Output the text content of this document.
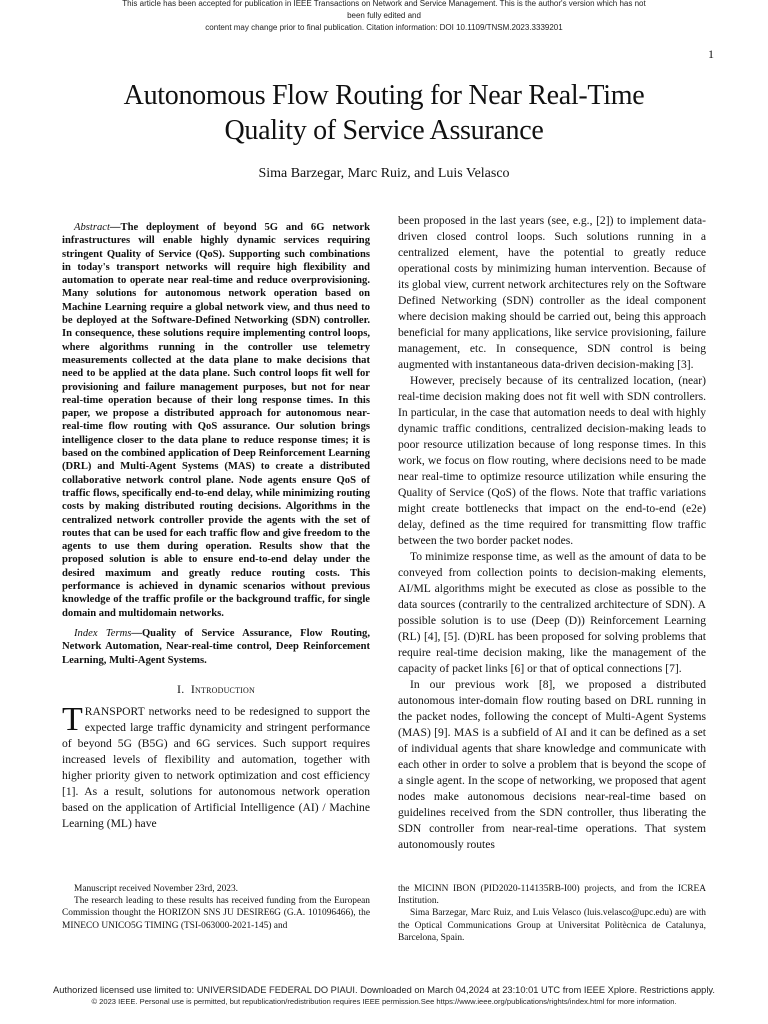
This article has been accepted for publication in IEEE Transactions on Network and Service Management. This is the author's version which has not been fully edited and
content may change prior to final publication. Citation information: DOI 10.1109/TNSM.2023.3339201
1
Autonomous Flow Routing for Near Real-Time
Quality of Service Assurance
Sima Barzegar, Marc Ruiz, and Luis Velasco

Abstract—The deployment of beyond 5G and 6G network infrastructures will enable highly dynamic services requiring stringent Quality of Service (QoS). Supporting such combinations in today's transport networks will require high flexibility and automation to operate near real-time and reduce overprovisioning. Many solutions for autonomous network operation based on Machine Learning require a global network view, and thus need to be deployed at the Software-Defined Networking (SDN) controller. In consequence, these solutions require implementing control loops, where algorithms running in the controller use telemetry measurements collected at the data plane to make decisions that need to be applied at the data plane. Such control loops fit well for provisioning and failure management purposes, but not for near real-time operation because of their long response times. In this paper, we propose a distributed approach for autonomous near-real-time flow routing with QoS assurance. Our solution brings intelligence closer to the data plane to reduce response times; it is based on the combined application of Deep Reinforcement Learning (DRL) and Multi-Agent Systems (MAS) to create a distributed collaborative network control plane. Node agents ensure QoS of traffic flows, specifically end-to-end delay, while minimizing routing costs by making distributed routing decisions. Algorithms in the centralized network controller provide the agents with the set of routes that can be used for each traffic flow and give freedom to the agents to use them during operation. Results show that the proposed solution is able to ensure end-to-end delay under the desired maximum and greatly reduce routing costs. This performance is achieved in dynamic scenarios without previous knowledge of the traffic profile or the background traffic, for single domain and multidomain networks.

Index Terms—Quality of Service Assurance, Flow Routing, Network Automation, Near-real-time control, Deep Reinforcement Learning, Multi-Agent Systems.

I. Introduction

TRANSPORT networks need to be redesigned to support the expected large traffic dynamicity and stringent performance of beyond 5G (B5G) and 6G services. Such support requires increased levels of flexibility and automation, together with higher priority given to network optimization and cost efficiency [1]. As a result, solutions for autonomous network operation based on the application of Artificial Intelligence (AI) / Machine Learning (ML) have

been proposed in the last years (see, e.g., [2]) to implement data-driven closed control loops. Such solutions running in a centralized element, have the potential to greatly reduce operational costs by minimizing human intervention. Because of its global view, current network architectures rely on the Software Defined Networking (SDN) controller as the ideal component where decision making should be carried out, being this approach beneficial for many applications, like service provisioning, failure management, etc. In consequence, SDN control is being augmented with instantaneous data-driven decision-making [3].

However, precisely because of its centralized location, (near) real-time decision making does not fit well with SDN controllers. In particular, in the case that automation needs to deal with highly dynamic traffic conditions, centralized decision-making leads to poor resource utilization because of long response times. In this work, we focus on flow routing, where decisions need to be made near real-time to optimize resource utilization while ensuring the Quality of Service (QoS) of the flows. Note that traffic variations might create bottlenecks that impact on the end-to-end (e2e) delay, defined as the time required for transmitting flow traffic between the two border packet nodes.

To minimize response time, as well as the amount of data to be conveyed from collection points to decision-making elements, AI/ML algorithms might be executed as close as possible to the data sources (contrarily to the centralized architecture of SDN). A possible solution is to use (Deep (D)) Reinforcement Learning (RL) [4], [5]. (D)RL has been proposed for solving problems that require real-time decision making, like the management of the capacity of packet links [6] or that of optical connections [7].

In our previous work [8], we proposed a distributed autonomous inter-domain flow routing based on DRL running in the packet nodes, following the concept of Multi-Agent Systems (MAS) [9]. MAS is a subfield of AI and it can be defined as a set of individual agents that share knowledge and communicate with each other in order to solve a problem that is beyond the scope of a single agent. In the scope of networking, we proposed that agent nodes make autonomous decisions near-real-time based on guidelines received from the SDN controller, thus liberating the SDN controller from near-real-time operations. That system autonomously routes

Manuscript received November 23rd, 2023.

The research leading to these results has received funding from the European Commission thought the HORIZON SNS JU DESIRE6G (G.A. 101096466), the MINECO UNICO5G TIMING (TSI-063000-2021-145) and

the MICINN IBON (PID2020-114135RB-I00) projects, and from the ICREA Institution.

Sima Barzegar, Marc Ruiz, and Luis Velasco (luis.velasco@upc.edu) are with the Optical Communications Group at Universitat Politècnica de Catalunya, Barcelona, Spain.

Authorized licensed use limited to: UNIVERSIDADE FEDERAL DO PIAUI. Downloaded on March 04,2024 at 23:10:01 UTC from IEEE Xplore. Restrictions apply.
© 2023 IEEE. Personal use is permitted, but republication/redistribution requires IEEE permission.See https://www.ieee.org/publications/rights/index.html for more information.
